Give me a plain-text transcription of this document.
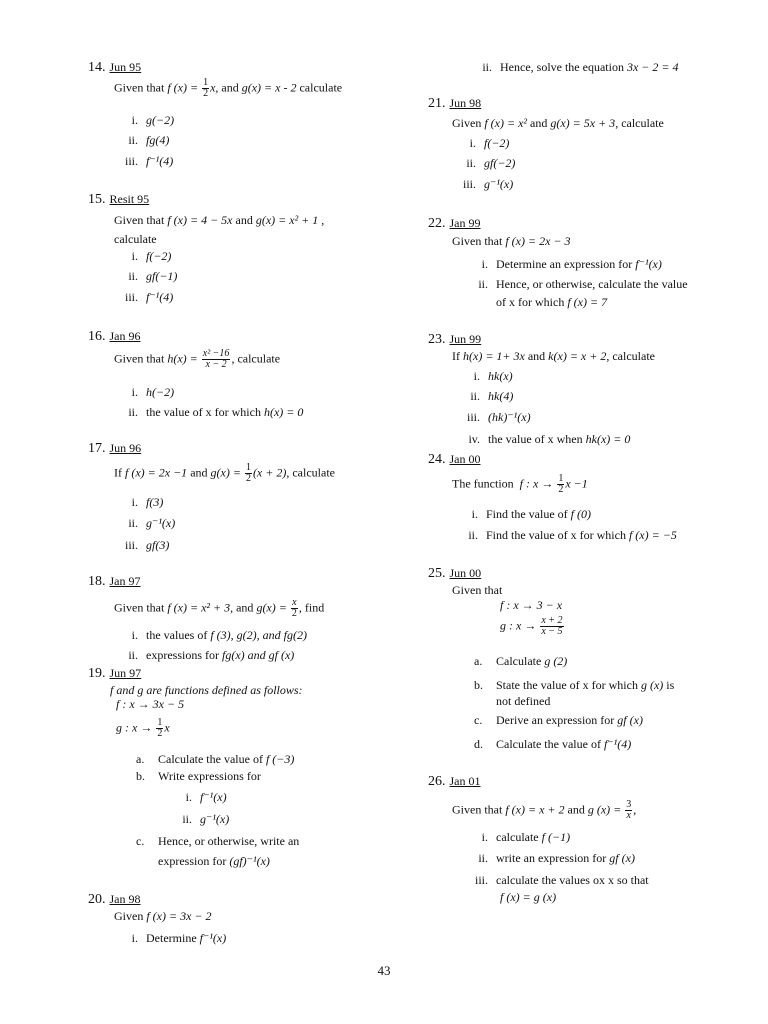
14. Jun 95
Given that f $(x) = \frac{1}{2} x$, and g(x) = x - 2 calculate
i. g(−2)
ii. fg(4)
iii. f⁻¹(4)
15. Resit 95
Given that f (x) = 4 − 5x and g(x) = x² + 1 ,
calculate
i. f(−2)
ii. gf(−1)
iii. f⁻¹(4)
16. Jan 96
Given that $h(x) = \frac{\text{x² −16}}{x - 2}$ , calculate
i. h(−2)
ii. the value of x for which
h(x) = 0
17. Jun 96
If f (x) = 2x −1 and $g(x) = \frac{1}{2} (x + 2)$, calculate
i. f(3)
ii. g⁻¹(x)
iii. gf(3)
18. Jan 97
Given that f (x) = x² + 3, and $g(x) = \frac{x}{2}$ , find
i. the values of
f (3), g(2), and fg(2)
ii. expressions for
fg(x) and gf (x)
19. Jun 97
f and g are functions defined as follows:
f : x → 3x − 5
g : $x \to \frac{1}{2}$ x
a.	Calculate the value of
f (−3)
b.	Write expressions for
i. f⁻¹(x)
ii. g⁻¹(x)
c.	Hence, or otherwise, write an
expression for (gf)⁻¹(x)
20. Jan 98
Given f (x) = 3x − 2
i. Determine
f⁻¹(x)
ii. Hence, solve the equation
3x − 2 = 4
21. Jun 98
Given f (x) = x² and g(x) = 5x + 3, calculate
i. f(−2)
ii. gf(−2)
iii. g⁻¹(x)
22. Jan 99
Given that f (x) = 2x − 3
i. Determine an expression for
f⁻¹(x)
ii. Hence, or otherwise, calculate the value
of x for which f (x) = 7
23. Jun 99
If h(x) = 1+ 3x and k(x) = x + 2, calculate
i. hk(x)
ii. hk(4)
iii. (hk)⁻¹(x)
iv. the value of x when
hk(x) = 0
24. Jan 00
The function f : $x \to \frac{1}{2}$ x −1
i. Find the value of
f (0)
ii. Find the value of x for which
f (x) = −5
25. Jun 00
Given that
f : x → 3 − x
g : $x \to \frac{x + 2}{x - 5}$
a.	Calculate
g (2)
b.	State the value of x for which
g (x)
is
not defined
c.	Derive an expression for
gf (x)
d.	Calculate the value of
f⁻¹(4)
26. Jan 01
Given that f (x) = x + 2 and g $(x) = \frac{3}{x}$ ,
i. calculate
f (−1)
ii. write an expression for
gf (x)
iii. calculate the values ox x so that
f (x) = g (x)
43
